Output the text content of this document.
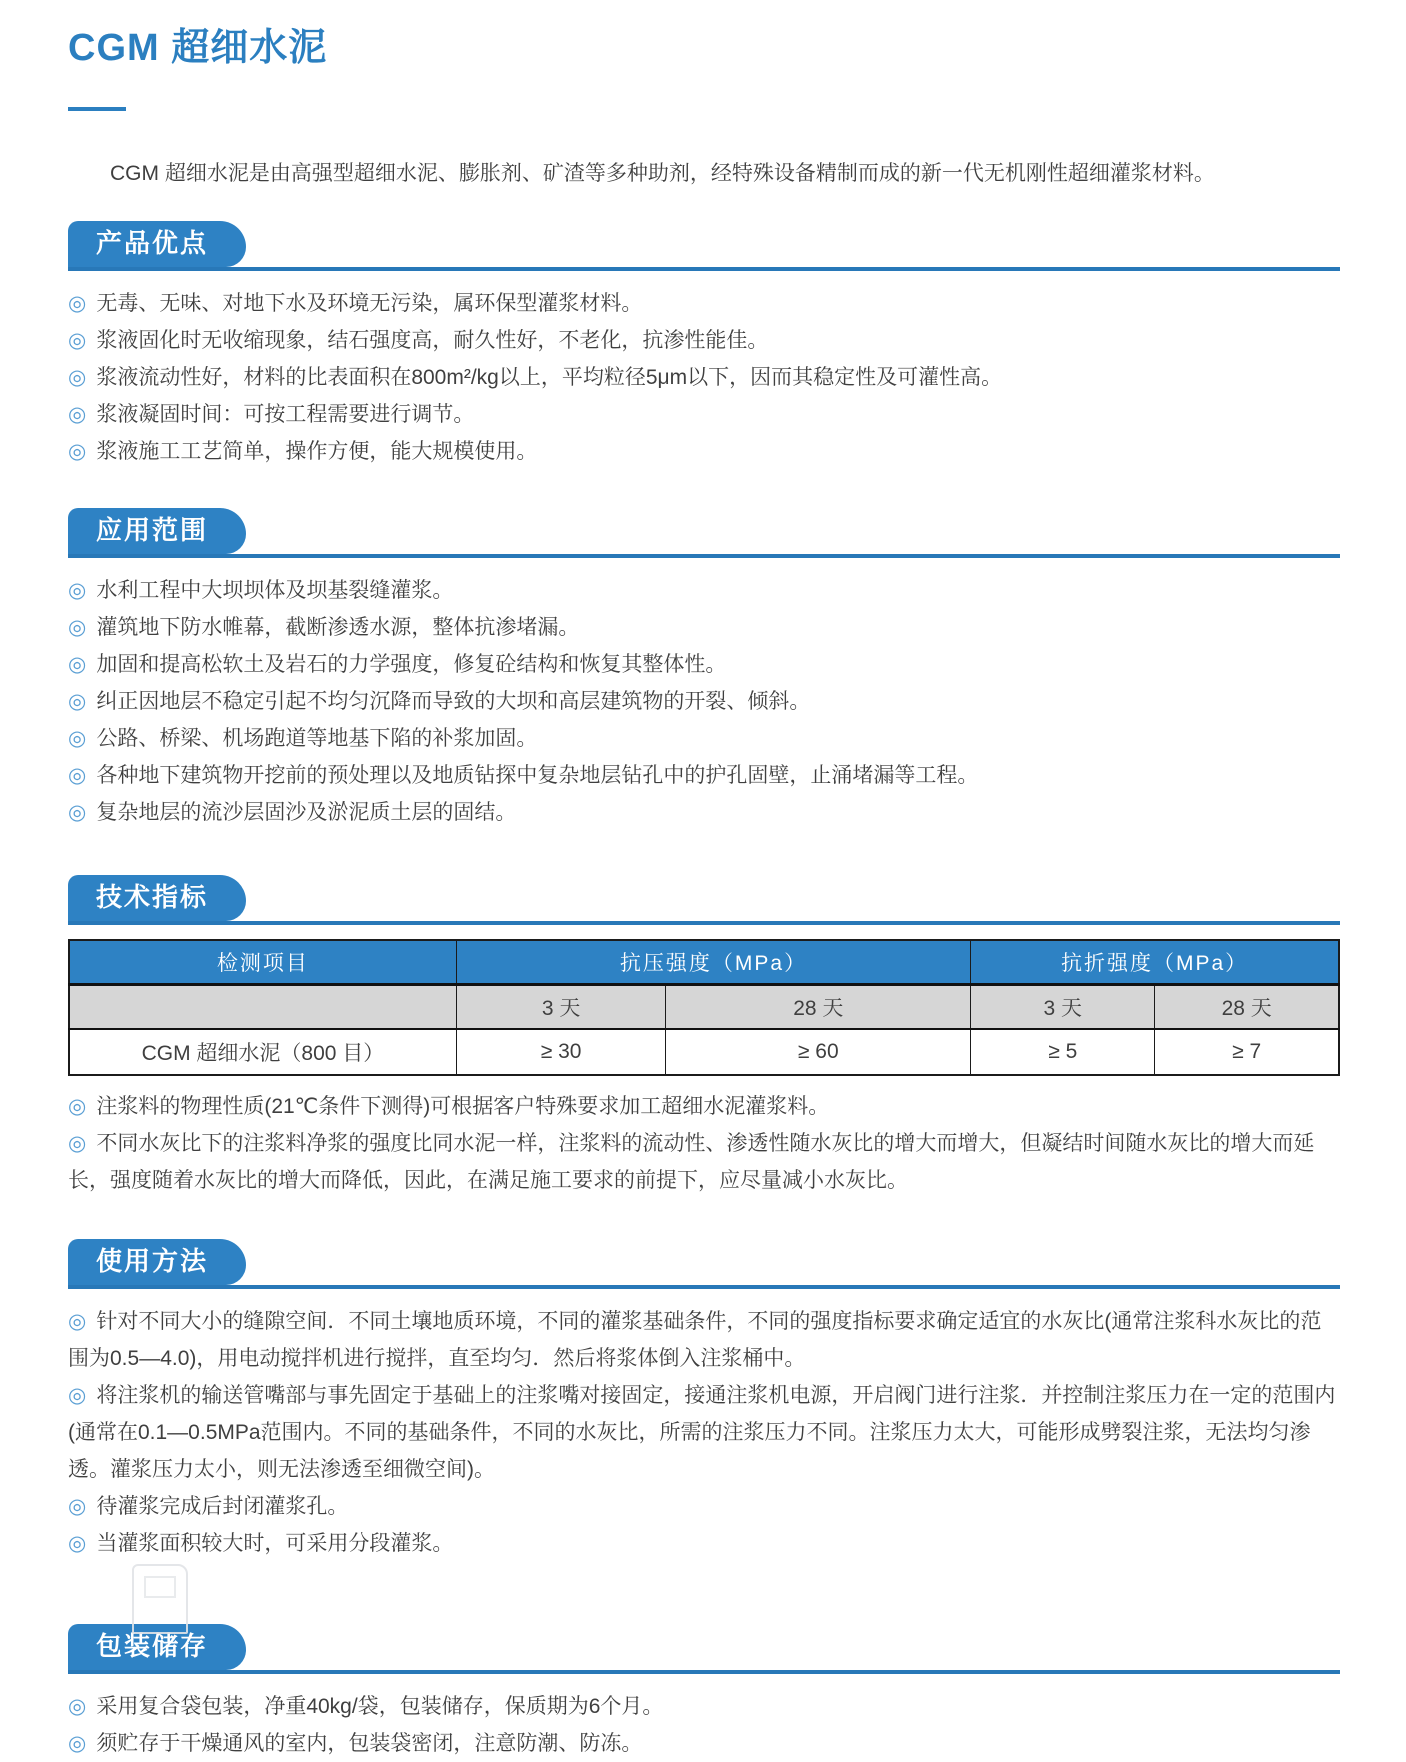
CGM 超细水泥

CGM 超细水泥是由高强型超细水泥、膨胀剂、矿渣等多种助剂，经特殊设备精制而成的新一代无机刚性超细灌浆材料。

产品优点
◎ 无毒、无味、对地下水及环境无污染，属环保型灌浆材料。
◎ 浆液固化时无收缩现象，结石强度高，耐久性好，不老化，抗渗性能佳。
◎ 浆液流动性好，材料的比表面积在800m²/kg以上，平均粒径5μm以下，因而其稳定性及可灌性高。
◎ 浆液凝固时间：可按工程需要进行调节。
◎ 浆液施工工艺简单，操作方便，能大规模使用。
应用范围
◎ 水利工程中大坝坝体及坝基裂缝灌浆。
◎ 灌筑地下防水帷幕，截断渗透水源，整体抗渗堵漏。
◎ 加固和提高松软土及岩石的力学强度，修复砼结构和恢复其整体性。
◎ 纠正因地层不稳定引起不均匀沉降而导致的大坝和高层建筑物的开裂、倾斜。
◎ 公路、桥梁、机场跑道等地基下陷的补浆加固。
◎ 各种地下建筑物开挖前的预处理以及地质钻探中复杂地层钻孔中的护孔固壁，止涌堵漏等工程。
◎ 复杂地层的流沙层固沙及淤泥质土层的固结。
技术指标
检测项目	抗压强度（MPa）		抗折强度（MPa）	
	3 天	28 天	3 天	28 天
CGM 超细水泥（800 目）	≥ 30	≥ 60	≥ 5	≥ 7
◎ 注浆料的物理性质(21℃条件下测得)可根据客户特殊要求加工超细水泥灌浆料。
◎ 不同水灰比下的注浆料净浆的强度比同水泥一样，注浆料的流动性、渗透性随水灰比的增大而增大，但凝结时间随水灰比的增大而延长，强度随着水灰比的增大而降低，因此，在满足施工要求的前提下，应尽量减小水灰比。
使用方法
◎ 针对不同大小的缝隙空间．不同土壤地质环境，不同的灌浆基础条件，不同的强度指标要求确定适宜的水灰比(通常注浆科水灰比的范围为0.5—4.0)，用电动搅拌机进行搅拌，直至均匀．然后将浆体倒入注浆桶中。
◎ 将注浆机的输送管嘴部与事先固定于基础上的注浆嘴对接固定，接通注浆机电源，开启阀门进行注浆．并控制注浆压力在一定的范围内(通常在0.1—0.5MPa范围内。不同的基础条件，不同的水灰比，所需的注浆压力不同。注浆压力太大，可能形成劈裂注浆，无法均匀渗透。灌浆压力太小，则无法渗透至细微空间)。
◎ 待灌浆完成后封闭灌浆孔。
◎ 当灌浆面积较大时，可采用分段灌浆。
包装储存
◎ 采用复合袋包装，净重40kg/袋，包装储存，保质期为6个月。
◎ 须贮存于干燥通风的室内，包装袋密闭，注意防潮、防冻。
